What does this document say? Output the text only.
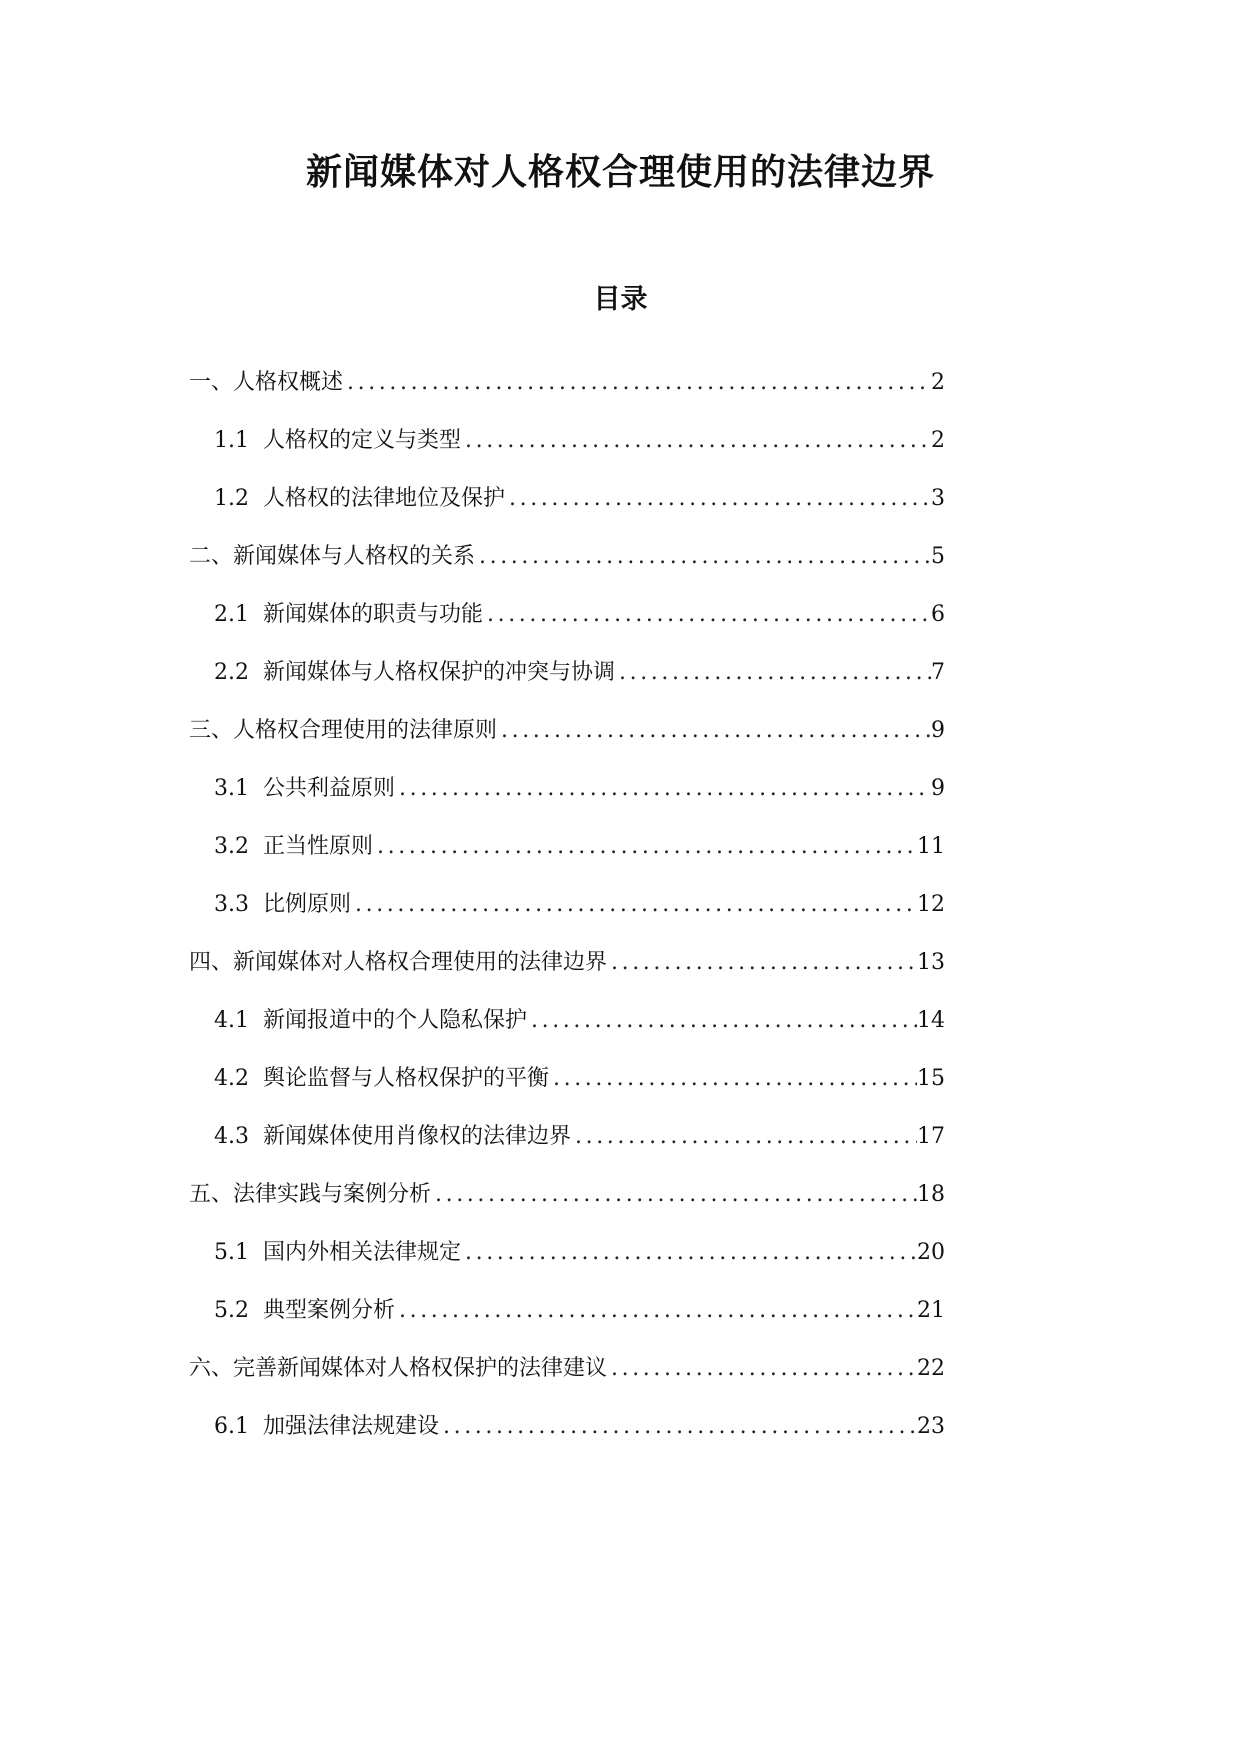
新闻媒体对人格权合理使用的法律边界
目录
一、人格权概述 .....	2
1.1 人格权的定义与类型 .....	2
1.2 人格权的法律地位及保护 .....	3
二、新闻媒体与人格权的关系 .....	5
2.1 新闻媒体的职责与功能 .....	6
2.2 新闻媒体与人格权保护的冲突与协调 .....	7
三、人格权合理使用的法律原则 .....	9
3.1 公共利益原则 .....	9
3.2 正当性原则 .....	11
3.3 比例原则 .....	12
四、新闻媒体对人格权合理使用的法律边界 .....	13
4.1 新闻报道中的个人隐私保护 .....	14
4.2 舆论监督与人格权保护的平衡 .....	15
4.3 新闻媒体使用肖像权的法律边界 .....	17
五、法律实践与案例分析 .....	18
5.1 国内外相关法律规定 .....	20
5.2 典型案例分析 .....	21
六、完善新闻媒体对人格权保护的法律建议 .....	22
6.1 加强法律法规建设 .....	23
